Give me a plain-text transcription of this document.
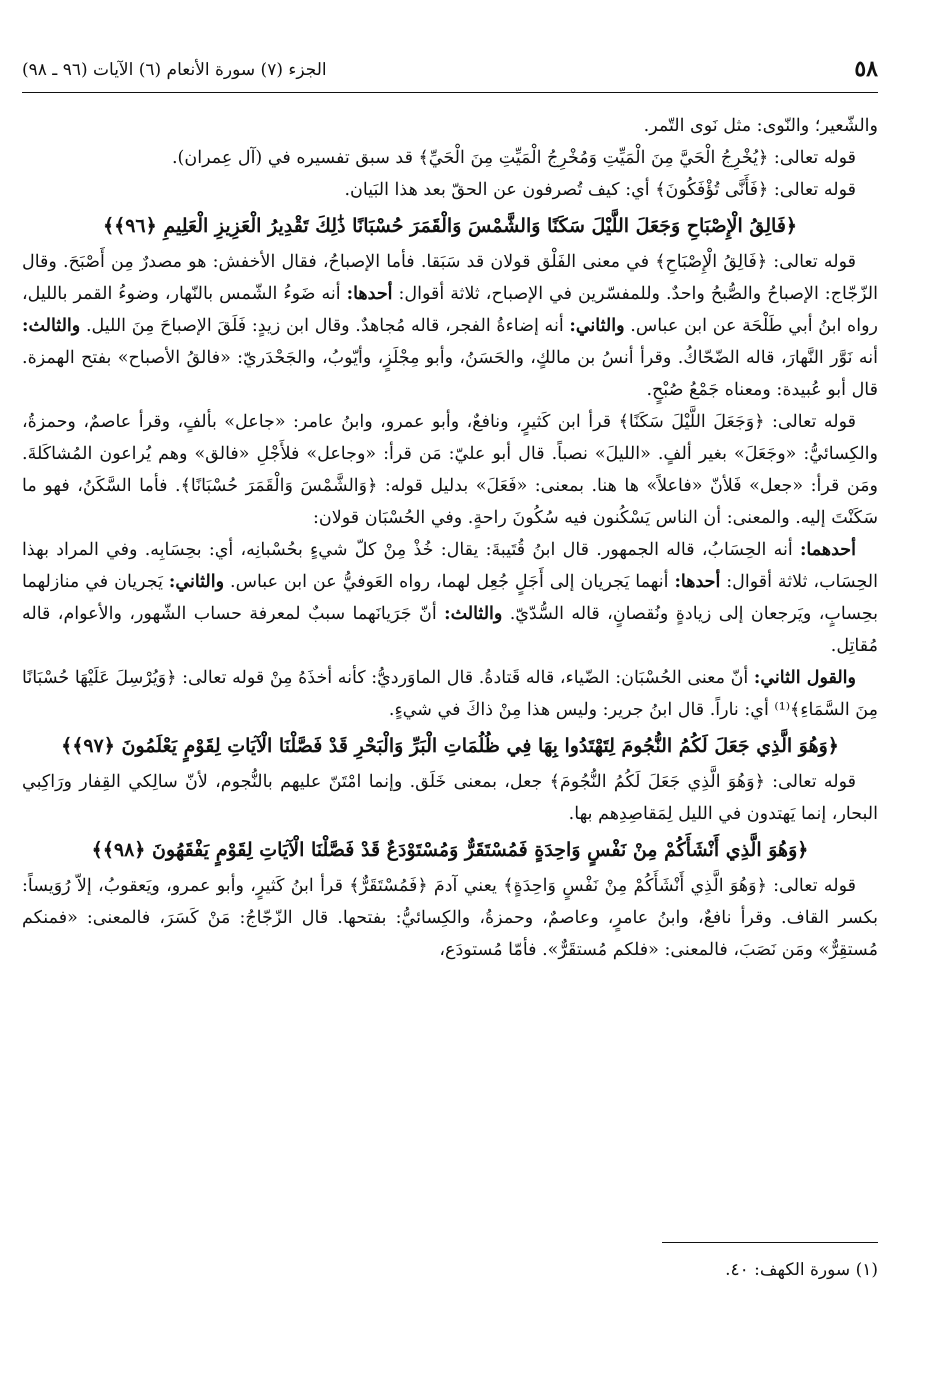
٥٨
الجزء (٧) سورة الأنعام (٦) الآيات (٩٦ ـ ٩٨)

والشّعير؛ والنّوى: مثل نَوى التّمر.

قوله تعالى: ﴿يُخْرِجُ الْحَيَّ مِنَ الْمَيِّتِ وَمُخْرِجُ الْمَيِّتِ مِنَ الْحَيِّ﴾ قد سبق تفسيره في (آل عِمران).

قوله تعالى: ﴿فَأَنَّى تُؤْفَكُونَ﴾ أي: كيف تُصرفون عن الحقّ بعد هذا البَيان.

﴿فَالِقُ الْإِصْبَاحِ وَجَعَلَ اللَّيْلَ سَكَنًا وَالشَّمْسَ وَالْقَمَرَ حُسْبَانًا ذَٰلِكَ تَقْدِيرُ الْعَزِيزِ الْعَلِيمِ ﴿٩٦﴾﴾

قوله تعالى: ﴿فَالِقُ الْإِصْبَاحِ﴾ في معنى الفَلْق قولان قد سَبَقا. فأما الإصباحُ، فقال الأخفش: هو مصدرٌ مِن أَصْبَحَ. وقال الزّجّاج: الإصباحُ والصُّبحُ واحدٌ. وللمفسّرين في الإصباح، ثلاثة أقوال: أحدها: أنه ضَوءُ الشّمس بالنّهار، وضوءُ القمر بالليل، رواه ابنُ أبي طَلْحَة عن ابن عباس. والثاني: أنه إضاءةُ الفجر، قاله مُجاهدٌ. وقال ابن زيدٍ: فَلَقَ الإصباحَ مِنَ الليل. والثالث: أنه نَوَّر النَّهارَ، قاله الضّحّاكُ. وقرأ أنسُ بن مالكٍ، والحَسَنُ، وأبو مِجْلَزٍ، وأيّوبُ، والجَحْدَريّ: «فالقُ الأصباح» بفتح الهمزة. قال أبو عُبيدة: ومعناه جَمْعُ صُبْحٍ.

قوله تعالى: ﴿وَجَعَلَ اللَّيْلَ سَكَنًا﴾ قرأ ابن كَثيرٍ، ونافعٌ، وأبو عمرو، وابنُ عامر: «جاعل» بألفٍ، وقرأ عاصمٌ، وحمزةُ، والكِسائيُّ: «وجَعَلَ» بغير ألفٍ. «الليلَ» نصباً. قال أبو عليّ: مَن قرأ: «وجاعل» فلأَجْلِ «فالق» وهم يُراعون المُشاكَلةَ. ومَن قرأ: «جعل» فَلأنّ «فاعلاً» ها هنا. بمعنى: «فَعَلَ» بدليل قوله: ﴿وَالشَّمْسَ وَالْقَمَرَ حُسْبَانًا﴾. فأما السَّكَنُ، فهو ما سَكَنْتَ إليه. والمعنى: أن الناس يَسْكُنون فيه سُكُونَ راحةٍ. وفي الحُسْبَان قولان:

أحدهما: أنه الحِسَابُ، قاله الجمهور. قال ابنُ قُتَيبةَ: يقال: خُذْ مِنْ كلّ شيءٍ بحُسْبانِه، أي: بحِسَابِه. وفي المراد بهذا الحِسَاب، ثلاثة أقوال: أحدها: أنهما يَجريان إلى أَجَلٍ جُعِل لهما، رواه العَوفيُّ عن ابن عباس. والثاني: يَجريان في منازلهما بحِسابٍ، ويَرجعان إلى زيادةٍ ونُقصانٍ، قاله السُّدّيّ. والثالث: أنّ جَرَيانَهما سببٌ لمعرفة حساب الشّهور، والأعوام، قاله مُقاتِل.

والقول الثاني: أنّ معنى الحُسْبَان: الضّياء، قاله قَتادةُ. قال الماوَرديُّ: كأنه أخذَهُ مِنْ قوله تعالى: ﴿وَيُرْسِلَ عَلَيْهَا حُسْبَانًا مِنَ السَّمَاءِ﴾⁽¹⁾ أي: ناراً. قال ابنُ جرير: وليس هذا مِنْ ذاكَ في شيءٍ.

﴿وَهُوَ الَّذِي جَعَلَ لَكُمُ النُّجُومَ لِتَهْتَدُوا بِهَا فِي ظُلُمَاتِ الْبَرِّ وَالْبَحْرِ قَدْ فَصَّلْنَا الْآيَاتِ لِقَوْمٍ يَعْلَمُونَ ﴿٩٧﴾﴾

قوله تعالى: ﴿وَهُوَ الَّذِي جَعَلَ لَكُمُ النُّجُومَ﴾ جعل، بمعنى خَلَق. وإنما امْتَنّ عليهم بالنُّجوم، لأنّ سالِكي القِفار ورَاكِبي البحار، إنما يَهتدون في الليل لِمَقاصِدِهم بها.

﴿وَهُوَ الَّذِي أَنْشَأَكُمْ مِنْ نَفْسٍ وَاحِدَةٍ فَمُسْتَقَرٌّ وَمُسْتَوْدَعٌ قَدْ فَصَّلْنَا الْآيَاتِ لِقَوْمٍ يَفْقَهُونَ ﴿٩٨﴾﴾

قوله تعالى: ﴿وَهُوَ الَّذِي أَنْشَأَكُمْ مِنْ نَفْسٍ وَاحِدَةٍ﴾ يعني آدمَ ﴿فَمُسْتَقَرٌّ﴾ قرأ ابنُ كَثيرٍ، وأبو عمرو، ويَعقوبُ، إلاّ رُوَيساً: بكسر القاف. وقرأ نافعٌ، وابنُ عامرٍ، وعاصمٌ، وحمزةُ، والكِسائيُّ: بفتحها. قال الزّجّاجُ: مَنْ كَسَرَ، فالمعنى: «فمنكم مُستقِرٌّ» ومَن نَصَبَ، فالمعنى: «فلكم مُستقَرٌّ». فأمّا مُستودَع،

(١) سورة الكهف: ٤٠.
